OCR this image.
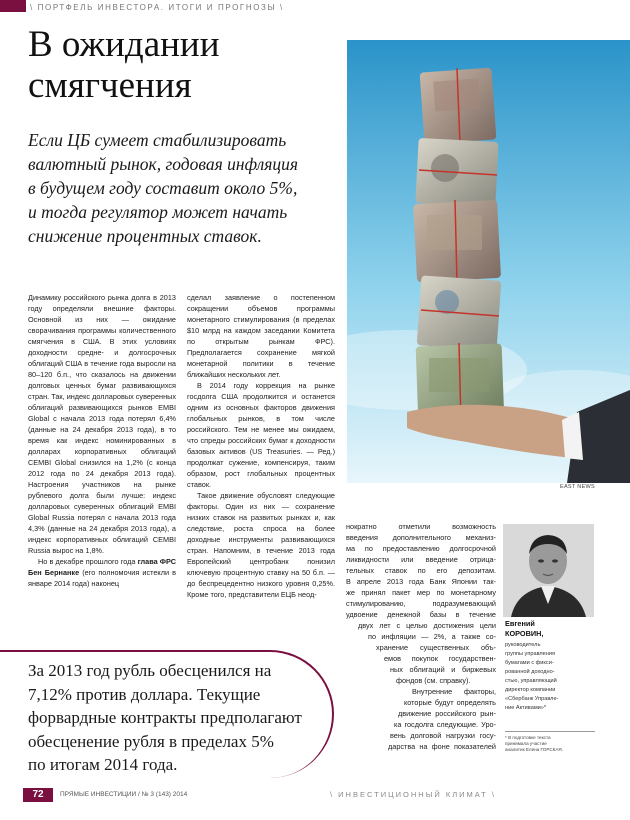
\ ПОРТФЕЛЬ ИНВЕСТОРА. ИТОГИ И ПРОГНОЗЫ \
В ожидании
смягчения
Если ЦБ сумеет стабилизировать
валютный рынок, годовая инфляция
в будущем году составит около 5%,
и тогда регулятор может начать
снижение процентных ставок.
EAST NEWS

Динамику российского рынка долга в 2013 году определяли внешние факторы. Основной из них — ожидание сворачивания программы количественного смягчения в США. В этих условиях доходности средне- и долгосрочных облигаций США в течение года выросли на 80–120 б.п., что сказалось на движении долговых ценных бумаг развивающихся стран. Так, индекс долларовых суверенных облигаций развивающихся рынков EMBI Global с начала 2013 года потерял 6,4% (данные на 24 декабря 2013 года), в то время как индекс номинированных в долларах корпоративных облигаций CEMBI Global снизился на 1,2% (с конца 2012 года по 24 декабря 2013 года). Настроения участников на рынке рублевого долга были лучше: индекс долларовых суверенных облигаций EMBI Global Russia потерял с начала 2013 года 4,3% (данные на 24 декабря 2013 года), а индекс корпоративных облигаций CEMBI Russia вырос на 1,8%.

Но в декабре прошлого года глава ФРС Бен Бернанке (его полномочия истекли в январе 2014 года) наконец

сделал заявление о постепенном сокращении объемов программы монетарного стимулирования (в пределах $10 млрд на каждом заседании Комитета по открытым рынкам ФРС). Предполагается сохранение мягкой монетарной политики в течение ближайших нескольких лет.

В 2014 году коррекция на рынке госдолга США продолжится и останется одним из основных факторов движения глобальных рынков, в том числе российского. Тем не менее мы ожидаем, что спреды российских бумаг к доходности базовых активов (US Treasuries. — Ред.) продолжат сужение, компенсируя, таким образом, рост глобальных процентных ставок.

Такое движение обусловят следующие факторы. Один из них — сохранение низких ставок на развитых рынках и, как следствие, роста спроса на более доходные инструменты развивающихся стран. Напомним, в течение 2013 года Европейский центробанк понизил ключевую процентную ставку на 50 б.п. — до беспрецедентно низкого уровня 0,25%. Кроме того, представители ЕЦБ неод-

нократно отметили возможность
введения дополнительного механиз-
ма по предоставлению долгосрочной
ликвидности или введение отрица-
тельных ставок по его депозитам.
В апреле 2013 года Банк Японии так-
же принял пакет мер по монетарному
стимулированию, подразумевающий
удвоение денежной базы в течение
двух лет с целью достижения цели
по инфляции — 2%, а также со-
хранение существенных объ-
емов покупок государствен-
ных облигаций и биржевых
фондов (см. справку).
Внутренние факторы,
которые будут определять
движение российского рын-
ка госдолга следующие. Уро-
вень долговой нагрузки госу-
дарства на фоне показателей
Евгений
КОРОВИН,
руководитель
группы управления
бумагами с фикси-
рованной доходно-
стью, управляющий
директор компании
«Сбербанк Управле-
ние Активами»*
* В подготовке текста
принимала участие
аналитик Елена ГОРСКАЯ.
За 2013 год рубль обесценился на
7,12% против доллара. Текущие
форвардные контракты предполагают
обесценение рубля в пределах 5%
по итогам 2014 года.
72	ПРЯМЫЕ ИНВЕСТИЦИИ / № 3 (143) 2014	\ ИНВЕСТИЦИОННЫЙ КЛИМАТ \
